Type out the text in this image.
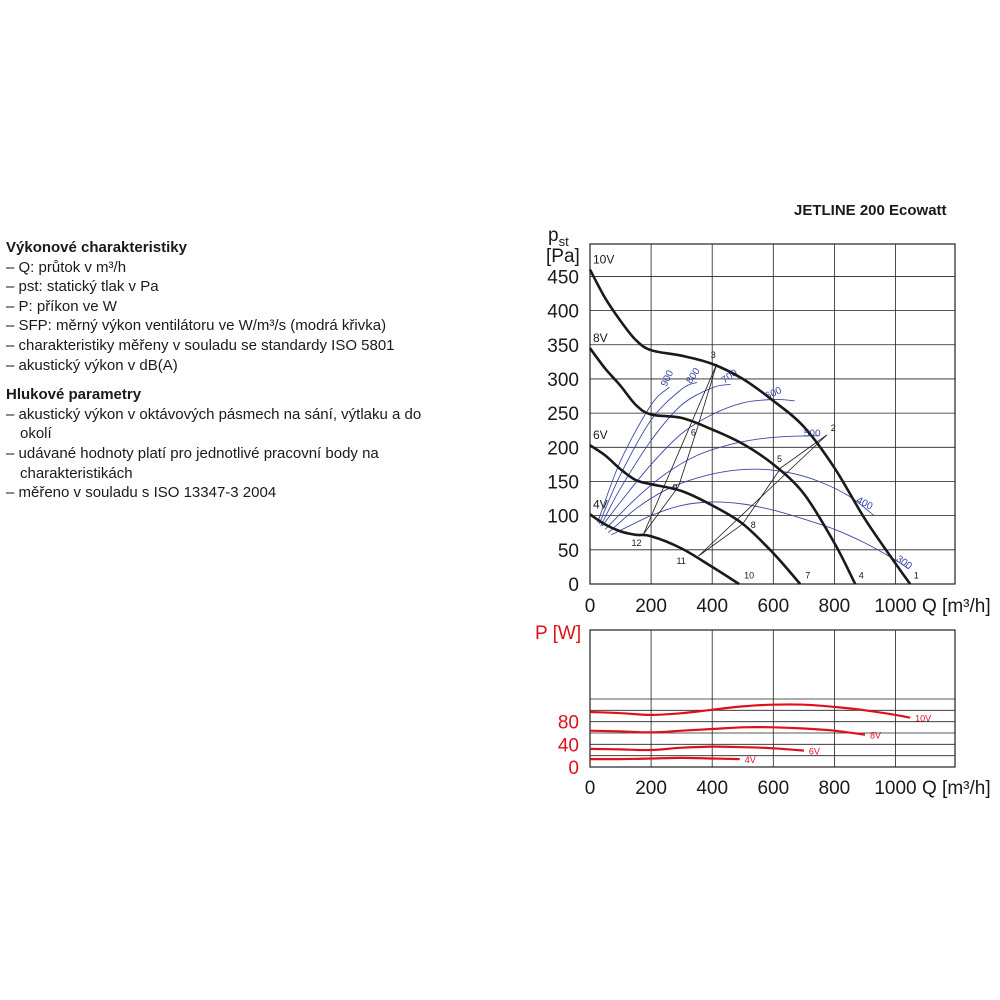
Výkonové charakteristiky
– Q: průtok v m³/h
– pst: statický tlak v Pa
– P: příkon ve W
– SFP: měrný výkon ventilátoru ve W/m³/s (modrá křivka)
– charakteristiky měřeny v souladu se standardy ISO 5801
– akustický výkon v dB(A)
Hlukové parametry
– akustický výkon v oktávových pásmech na sání, výtlaku a do okolí
– udávané hodnoty platí pro jednotlivé pracovní body na charakteristikách
– měřeno v souladu s ISO 13347-3 2004
JETLINE 200 Ecowatt
0 200 400 600 800 1000
0
50
100
150
200
250
300
350
400
450
$p_{st}$
[Pa]
Q [m³/h]
300
400
500
600
700
800
900
10V
8V
6V
4V
1
2
3
4
5
6
7
8
9
10
11
12
0 200 400 600 800 1000
0
40
80
P [W]
Q [m³/h]
10V
8V
6V
4V
